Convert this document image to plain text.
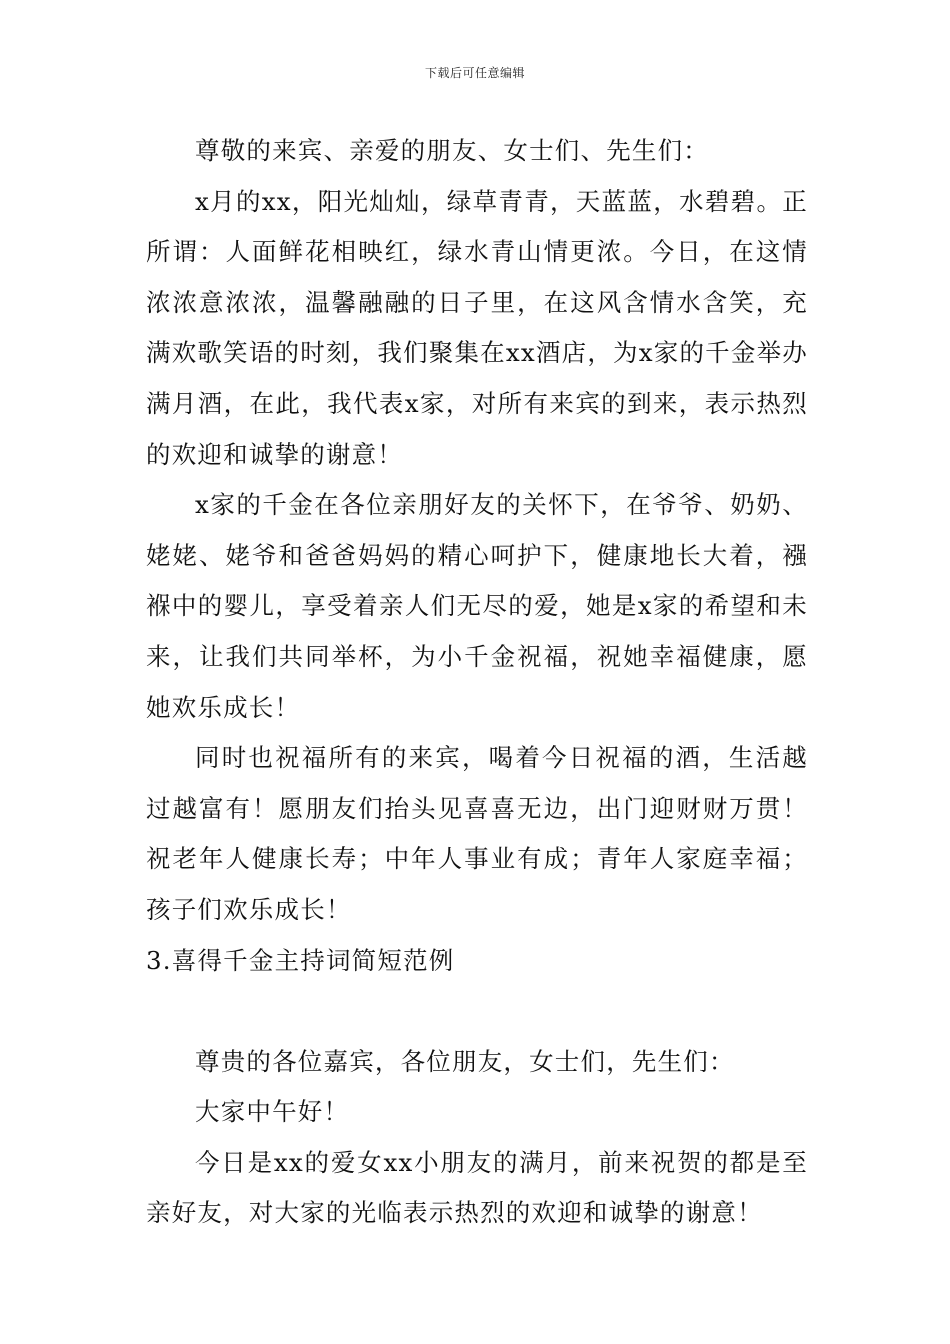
下载后可任意编辑

尊敬的来宾、亲爱的朋友、女士们、先生们：

x月的xx，阳光灿灿，绿草青青，天蓝蓝，水碧碧。正所谓：人面鲜花相映红，绿水青山情更浓。今日，在这情浓浓意浓浓，温馨融融的日子里，在这风含情水含笑，充满欢歌笑语的时刻，我们聚集在xx酒店，为x家的千金举办满月酒，在此，我代表x家，对所有来宾的到来，表示热烈的欢迎和诚挚的谢意！

x家的千金在各位亲朋好友的关怀下，在爷爷、奶奶、姥姥、姥爷和爸爸妈妈的精心呵护下，健康地长大着，襁褓中的婴儿，享受着亲人们无尽的爱，她是x家的希望和未来，让我们共同举杯，为小千金祝福，祝她幸福健康，愿她欢乐成长！

同时也祝福所有的来宾，喝着今日祝福的酒，生活越过越富有！愿朋友们抬头见喜喜无边，出门迎财财万贯！祝老年人健康长寿；中年人事业有成；青年人家庭幸福；孩子们欢乐成长！

3.喜得千金主持词简短范例

尊贵的各位嘉宾，各位朋友，女士们，先生们：

大家中午好！

今日是xx的爱女xx小朋友的满月，前来祝贺的都是至亲好友，对大家的光临表示热烈的欢迎和诚挚的谢意！
